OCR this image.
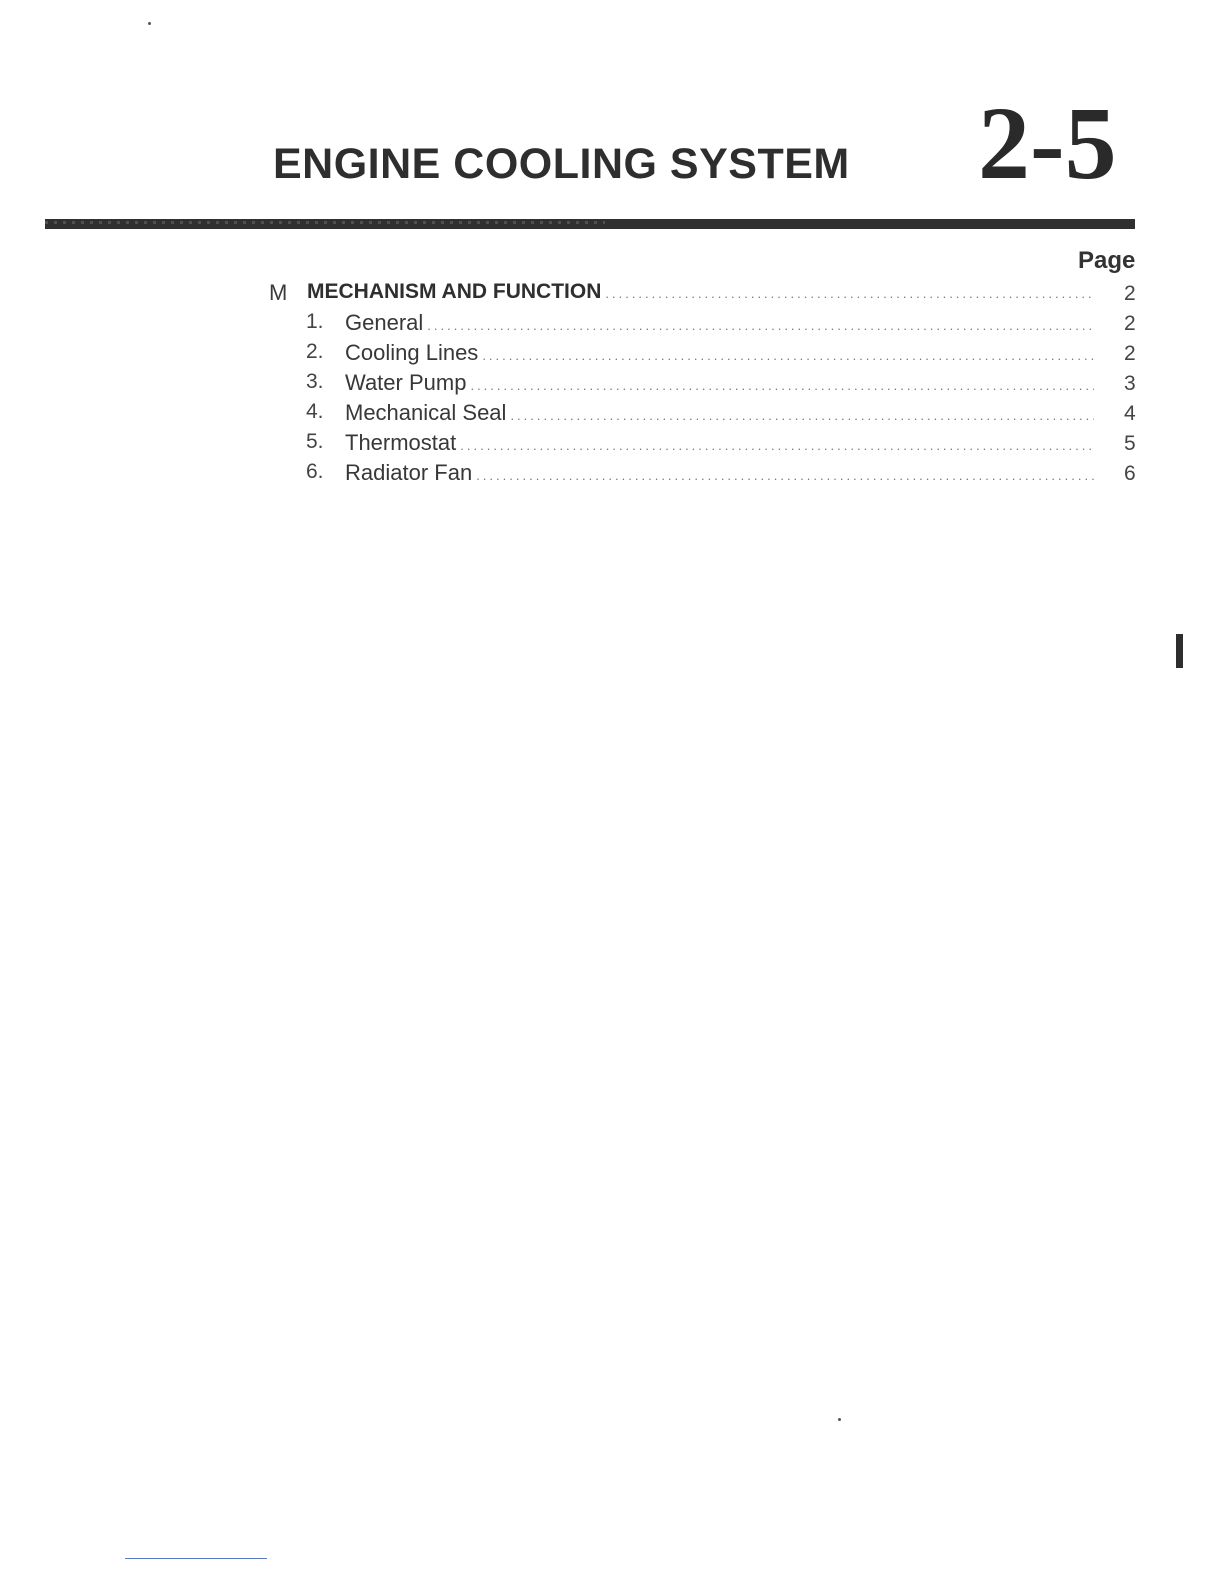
ENGINE COOLING SYSTEM 2-5
Page
M MECHANISM AND FUNCTION .....	2
1. General .....	2
2. Cooling Lines .....	2
3. Water Pump .....	3
4. Mechanical Seal .....	4
5. Thermostat .....	5
6. Radiator Fan .....	6
